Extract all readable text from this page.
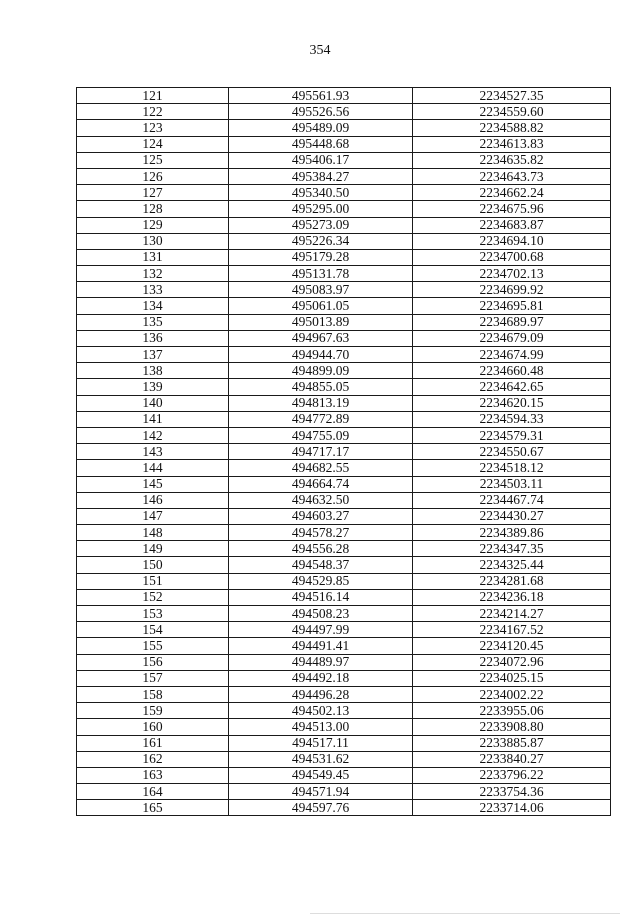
354
121	495561.93	2234527.35
122	495526.56	2234559.60
123	495489.09	2234588.82
124	495448.68	2234613.83
125	495406.17	2234635.82
126	495384.27	2234643.73
127	495340.50	2234662.24
128	495295.00	2234675.96
129	495273.09	2234683.87
130	495226.34	2234694.10
131	495179.28	2234700.68
132	495131.78	2234702.13
133	495083.97	2234699.92
134	495061.05	2234695.81
135	495013.89	2234689.97
136	494967.63	2234679.09
137	494944.70	2234674.99
138	494899.09	2234660.48
139	494855.05	2234642.65
140	494813.19	2234620.15
141	494772.89	2234594.33
142	494755.09	2234579.31
143	494717.17	2234550.67
144	494682.55	2234518.12
145	494664.74	2234503.11
146	494632.50	2234467.74
147	494603.27	2234430.27
148	494578.27	2234389.86
149	494556.28	2234347.35
150	494548.37	2234325.44
151	494529.85	2234281.68
152	494516.14	2234236.18
153	494508.23	2234214.27
154	494497.99	2234167.52
155	494491.41	2234120.45
156	494489.97	2234072.96
157	494492.18	2234025.15
158	494496.28	2234002.22
159	494502.13	2233955.06
160	494513.00	2233908.80
161	494517.11	2233885.87
162	494531.62	2233840.27
163	494549.45	2233796.22
164	494571.94	2233754.36
165	494597.76	2233714.06
